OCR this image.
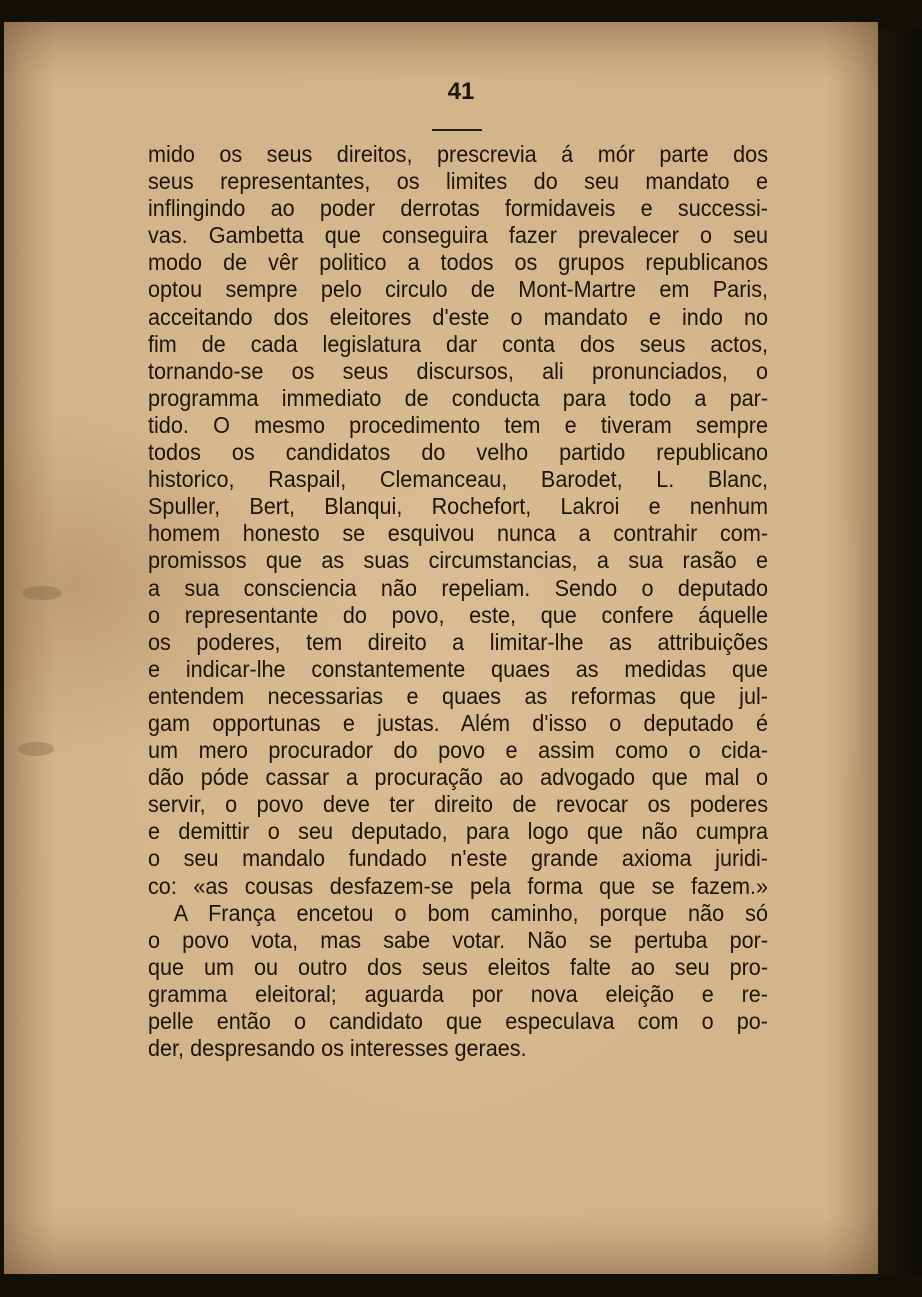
41
mido os seus direitos, prescrevia á mór parte dos
seus representantes, os limites do seu mandato e
inflingindo ao poder derrotas formidaveis e successi-
vas. Gambetta que conseguira fazer prevalecer o seu
modo de vêr politico a todos os grupos republicanos
optou sempre pelo circulo de Mont-Martre em Paris,
acceitando dos eleitores d'este o mandato e indo no
fim de cada legislatura dar conta dos seus actos,
tornando-se os seus discursos, ali pronunciados, o
programma immediato de conducta para todo a par-
tido. O mesmo procedimento tem e tiveram sempre
todos os candidatos do velho partido republicano
historico, Raspail, Clemanceau, Barodet, L. Blanc,
Spuller, Bert, Blanqui, Rochefort, Lakroi e nenhum
homem honesto se esquivou nunca a contrahir com-
promissos que as suas circumstancias, a sua rasão e
a sua consciencia não repeliam. Sendo o deputado
o representante do povo, este, que confere áquelle
os poderes, tem direito a limitar-lhe as attribuições
e indicar-lhe constantemente quaes as medidas que
entendem necessarias e quaes as reformas que jul-
gam opportunas e justas. Além d'isso o deputado é
um mero procurador do povo e assim como o cida-
dão póde cassar a procuração ao advogado que mal o
servir, o povo deve ter direito de revocar os poderes
e demittir o seu deputado, para logo que não cumpra
o seu mandalo fundado n'este grande axioma juridi-
co: «as cousas desfazem-se pela forma que se fazem.»
A França encetou o bom caminho, porque não só
o povo vota, mas sabe votar. Não se pertuba por-
que um ou outro dos seus eleitos falte ao seu pro-
gramma eleitoral; aguarda por nova eleição e re-
pelle então o candidato que especulava com o po-
der, despresando os interesses geraes.
